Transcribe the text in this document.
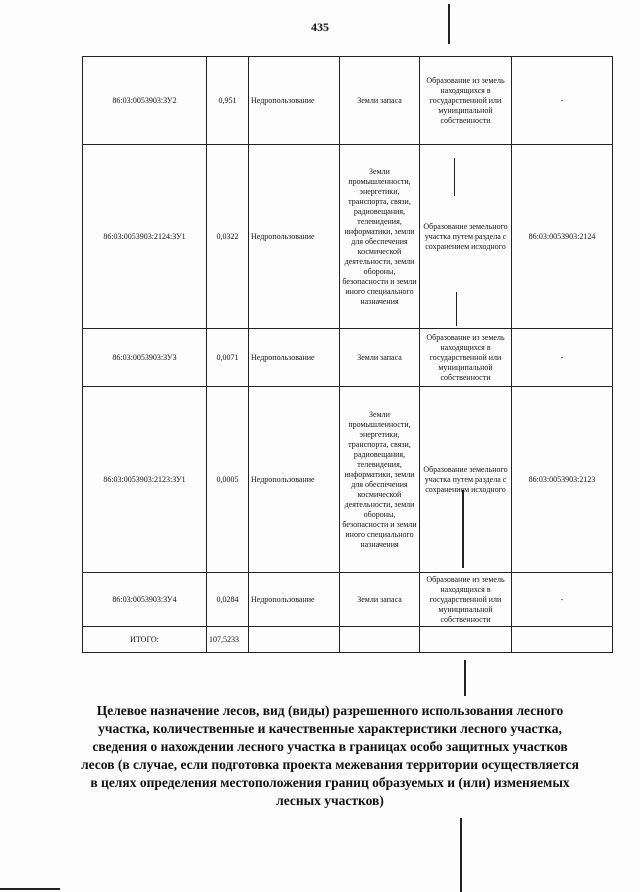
435
86:03:0053903:ЗУ2	0,951	Недропользование	Земли запаса	Образование из земель находящихся в государственной или муниципальной собственности	-
86:03:0053903:2124:ЗУ1	0,0322	Недропользование	Земли промышленности, энергетики, транспорта, связи, радиовещания, телевидения, информатики, земли для обеспечения космической деятельности, земли обороны, безопасности и земли иного специального назначения	Образование земельного участка путем раздела с сохранением исходного	86:03:0053903:2124
86:03:0053903:ЗУ3	0,0071	Недропользование	Земли запаса	Образование из земель находящихся в государственной или муниципальной собственности	-
86:03:0053903:2123:ЗУ1	0,0005	Недропользование	Земли промышленности, энергетики, транспорта, связи, радиовещания, телевидения, информатики, земли для обеспечения космической деятельности, земли обороны, безопасности и земли иного специального назначения	Образование земельного участка путем раздела с сохранением исходного	86:03:0053903:2123
86:03:0053903:ЗУ4	0,0284	Недропользование	Земли запаса	Образование из земель находящихся в государственной или муниципальной собственности	-
ИТОГО:	107,5233				
Целевое назначение лесов, вид (виды) разрешенного использования лесного участка, количественные и качественные характеристики лесного участка, сведения о нахождении лесного участка в границах особо защитных участков лесов (в случае, если подготовка проекта межевания территории осуществляется в целях определения местоположения границ образуемых и (или) изменяемых лесных участков)
